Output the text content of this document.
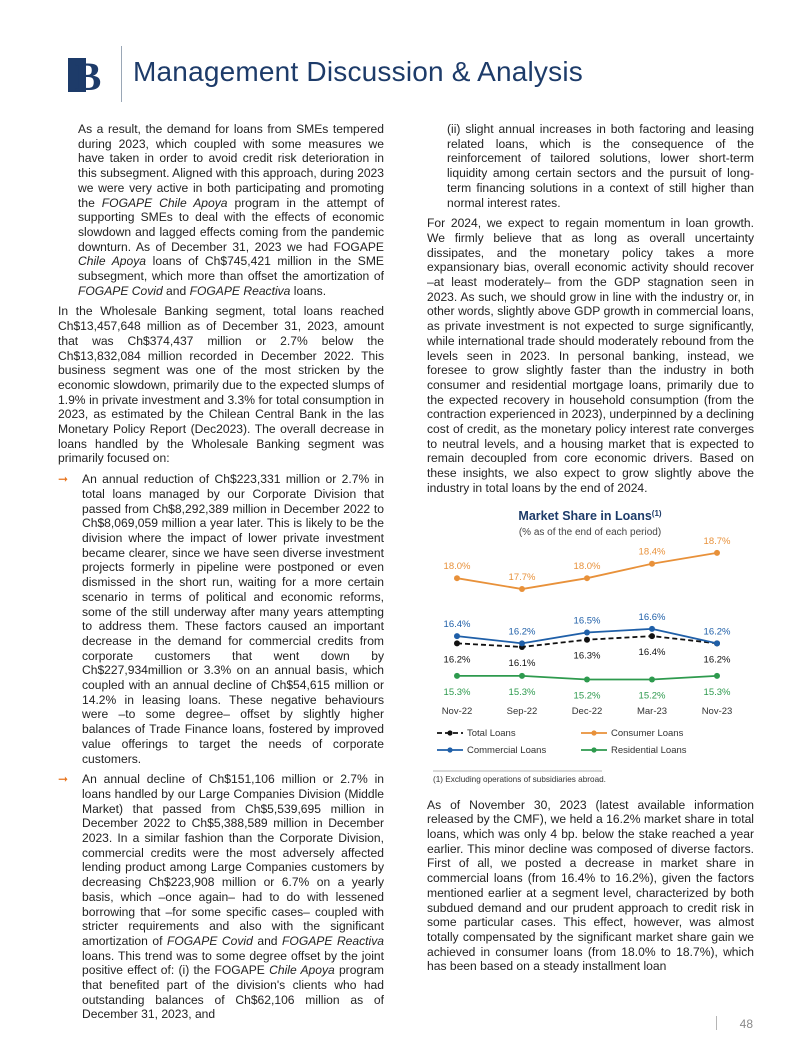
B Management Discussion & Analysis

As a result, the demand for loans from SMEs tempered during 2023, which coupled with some measures we have taken in order to avoid credit risk deterioration in this subsegment. Aligned with this approach, during 2023 we were very active in both participating and promoting the FOGAPE Chile Apoya program in the attempt of supporting SMEs to deal with the effects of economic slowdown and lagged effects coming from the pandemic downturn. As of December 31, 2023 we had FOGAPE Chile Apoya loans of Ch$745,421 million in the SME subsegment, which more than offset the amortization of FOGAPE Covid and FOGAPE Reactiva loans.

In the Wholesale Banking segment, total loans reached Ch$13,457,648 million as of December 31, 2023, amount that was Ch$374,437 million or 2.7% below the Ch$13,832,084 million recorded in December 2022. This business segment was one of the most stricken by the economic slowdown, primarily due to the expected slumps of 1.9% in private investment and 3.3% for total consumption in 2023, as estimated by the Chilean Central Bank in the las Monetary Policy Report (Dec2023). The overall decrease in loans handled by the Wholesale Banking segment was primarily focused on:

➞ An annual reduction of Ch$223,331 million or 2.7% in total loans managed by our Corporate Division that passed from Ch$8,292,389 million in December 2022 to Ch$8,069,059 million a year later. This is likely to be the division where the impact of lower private investment became clearer, since we have seen diverse investment projects formerly in pipeline were postponed or even dismissed in the short run, waiting for a more certain scenario in terms of political and economic reforms, some of the still underway after many years attempting to address them. These factors caused an important decrease in the demand for commercial credits from corporate customers that went down by Ch$227,934million or 3.3% on an annual basis, which coupled with an annual decline of Ch$54,615 million or 14.2% in leasing loans. These negative behaviours were –to some degree– offset by slightly higher balances of Trade Finance loans, fostered by improved value offerings to target the needs of corporate customers.
➞ An annual decline of Ch$151,106 million or 2.7% in loans handled by our Large Companies Division (Middle Market) that passed from Ch$5,539,695 million in December 2022 to Ch$5,388,589 million in December 2023. In a similar fashion than the Corporate Division, commercial credits were the most adversely affected lending product among Large Companies customers by decreasing Ch$223,908 million or 6.7% on a yearly basis, which –once again– had to do with lessened borrowing that –for some specific cases– coupled with stricter requirements and also with the significant amortization of FOGAPE Covid and FOGAPE Reactiva loans. This trend was to some degree offset by the joint positive effect of: (i) the FOGAPE Chile Apoya program that benefited part of the division's clients who had outstanding balances of Ch$62,106 million as of December 31, 2023, and

(ii) slight annual increases in both factoring and leasing related loans, which is the consequence of the reinforcement of tailored solutions, lower short-term liquidity among certain sectors and the pursuit of long-term financing solutions in a context of still higher than normal interest rates.

For 2024, we expect to regain momentum in loan growth. We firmly believe that as long as overall uncertainty dissipates, and the monetary policy takes a more expansionary bias, overall economic activity should recover –at least moderately– from the GDP stagnation seen in 2023. As such, we should grow in line with the industry or, in other words, slightly above GDP growth in commercial loans, as private investment is not expected to surge significantly, while international trade should moderately rebound from the levels seen in 2023. In personal banking, instead, we foresee to grow slightly faster than the industry in both consumer and residential mortgage loans, primarily due to the expected recovery in household consumption (from the contraction experienced in 2023), underpinned by a declining cost of credit, as the monetary policy interest rate converges to neutral levels, and a housing market that is expected to remain decoupled from core economic drivers. Based on these insights, we also expect to grow slightly above the industry in total loans by the end of 2024.

Market Share in Loans$^{(1)}$
(% as of the end of each period)
16.2%	16.1%
16.3%	16.4%
16.2%
18.0%
17.7%
18.0%
18.4%
18.7%
16.4%
16.2%
16.5%	16.6%
16.2%
15.3%	15.3%	15.2%	15.2%	15.3%
Nov-22	Sep-22	Dec-22	Mar-23	Nov-23
Total Loans	Consumer Loans
Commercial Loans	Residential Loans
(1) Excluding operations of subsidiaries abroad.

As of November 30, 2023 (latest available information released by the CMF), we held a 16.2% market share in total loans, which was only 4 bp. below the stake reached a year earlier. This minor decline was composed of diverse factors. First of all, we posted a decrease in market share in commercial loans (from 16.4% to 16.2%), given the factors mentioned earlier at a segment level, characterized by both subdued demand and our prudent approach to credit risk in some particular cases. This effect, however, was almost totally compensated by the significant market share gain we achieved in consumer loans (from 18.0% to 18.7%), which has been based on a steady installment loan

48
